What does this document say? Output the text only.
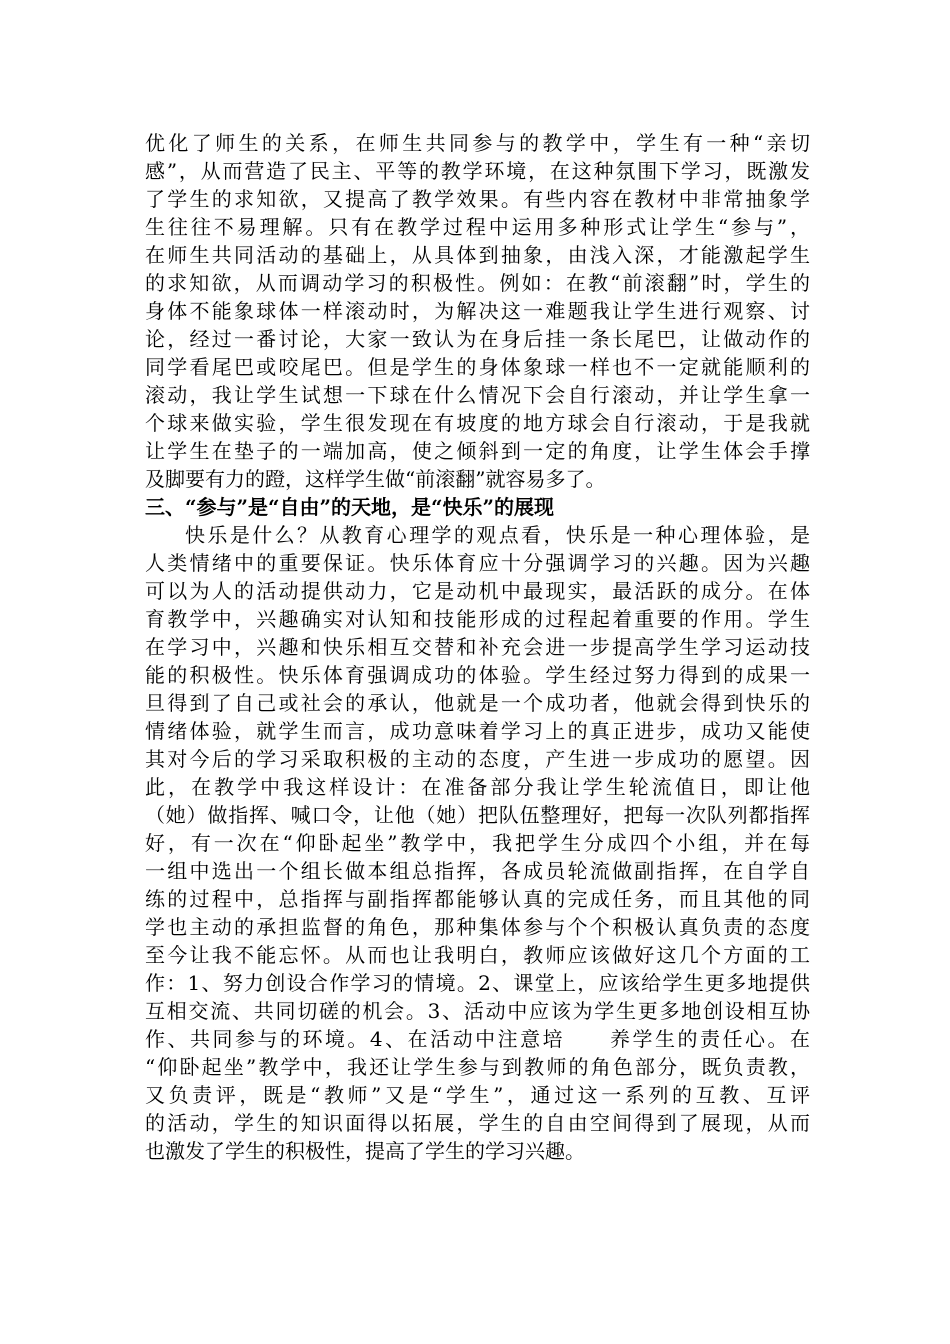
优化了师生的关系，在师生共同参与的教学中，学生有一种“亲切
感”，从而营造了民主、平等的教学环境，在这种氛围下学习，既激发
了学生的求知欲，又提高了教学效果。有些内容在教材中非常抽象学
生往往不易理解。只有在教学过程中运用多种形式让学生“参与”，
在师生共同活动的基础上，从具体到抽象，由浅入深，才能激起学生
的求知欲，从而调动学习的积极性。例如：在教“前滚翻”时，学生的
身体不能象球体一样滚动时，为解决这一难题我让学生进行观察、讨
论，经过一番讨论，大家一致认为在身后挂一条长尾巴，让做动作的
同学看尾巴或咬尾巴。但是学生的身体象球一样也不一定就能顺利的
滚动，我让学生试想一下球在什么情况下会自行滚动，并让学生拿一
个球来做实验，学生很发现在有坡度的地方球会自行滚动，于是我就
让学生在垫子的一端加高，使之倾斜到一定的角度，让学生体会手撑
及脚要有力的蹬，这样学生做“前滚翻”就容易多了。
三、“参与”是“自由”的天地，是“快乐”的展现
快乐是什么？从教育心理学的观点看，快乐是一种心理体验，是
人类情绪中的重要保证。快乐体育应十分强调学习的兴趣。因为兴趣
可以为人的活动提供动力，它是动机中最现实，最活跃的成分。在体
育教学中，兴趣确实对认知和技能形成的过程起着重要的作用。学生
在学习中，兴趣和快乐相互交替和补充会进一步提高学生学习运动技
能的积极性。快乐体育强调成功的体验。学生经过努力得到的成果一
旦得到了自己或社会的承认，他就是一个成功者，他就会得到快乐的
情绪体验，就学生而言，成功意味着学习上的真正进步，成功又能使
其对今后的学习采取积极的主动的态度，产生进一步成功的愿望。因
此，在教学中我这样设计：在准备部分我让学生轮流值日，即让他
（她）做指挥、喊口令，让他（她）把队伍整理好，把每一次队列都指挥
好，有一次在“仰卧起坐”教学中，我把学生分成四个小组，并在每
一组中选出一个组长做本组总指挥，各成员轮流做副指挥，在自学自
练的过程中，总指挥与副指挥都能够认真的完成任务，而且其他的同
学也主动的承担监督的角色，那种集体参与个个积极认真负责的态度
至今让我不能忘怀。从而也让我明白，教师应该做好这几个方面的工
作：1、努力创设合作学习的情境。2、课堂上，应该给学生更多地提供
互相交流、共同切磋的机会。3、活动中应该为学生更多地创设相互协
作、共同参与的环境。4、在活动中注意培　　养学生的责任心。在
“仰卧起坐”教学中，我还让学生参与到教师的角色部分，既负责教，
又负责评，既是“教师”又是“学生”，通过这一系列的互教、互评
的活动，学生的知识面得以拓展，学生的自由空间得到了展现，从而
也激发了学生的积极性，提高了学生的学习兴趣。
